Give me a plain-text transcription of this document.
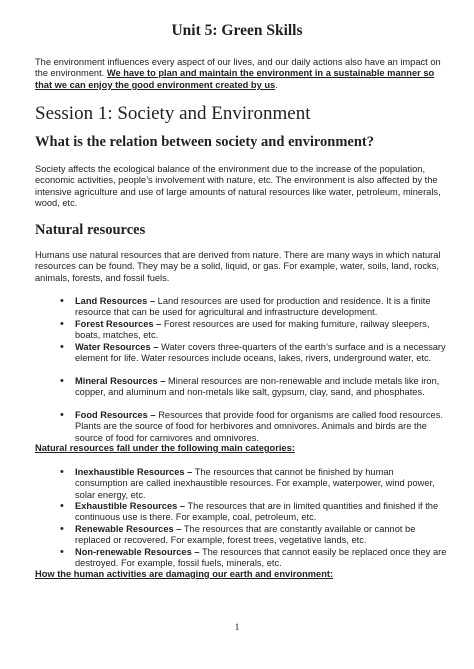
Unit 5: Green Skills

The environment influences every aspect of our lives, and our daily actions also have an impact on the environment. We have to plan and maintain the environment in a sustainable manner so that we can enjoy the good environment created by us.

Session 1: Society and Environment
What is the relation between society and environment?

Society affects the ecological balance of the environment due to the increase of the population, economic activities, people’s involvement with nature, etc. The environment is also affected by the intensive agriculture and use of large amounts of natural resources like water, petroleum, minerals, wood, etc.

Natural resources

Humans use natural resources that are derived from nature. There are many ways in which natural resources can be found. They may be a solid, liquid, or gas. For example, water, soils, land, rocks, animals, forests, and fossil fuels.

• Land Resources – Land resources are used for production and residence. It is a finite resource that can be used for agricultural and infrastructure development.
• Forest Resources – Forest resources are used for making furniture, railway sleepers, boats, matches, etc.
• Water Resources – Water covers three-quarters of the earth’s surface and is a necessary element for life. Water resources include oceans, lakes, rivers, underground water, etc.
• Mineral Resources – Mineral resources are non-renewable and include metals like iron, copper, and aluminum and non-metals like salt, gypsum, clay, sand, and phosphates.
• Food Resources – Resources that provide food for organisms are called food resources. Plants are the source of food for herbivores and omnivores. Animals and birds are the source of food for carnivores and omnivores.
Natural resources fall under the following main categories:
• Inexhaustible Resources – The resources that cannot be finished by human consumption are called inexhaustible resources. For example, waterpower, wind power, solar energy, etc.
• Exhaustible Resources – The resources that are in limited quantities and finished if the continuous use is there. For example, coal, petroleum, etc.
• Renewable Resources – The resources that are constantly available or cannot be replaced or recovered. For example, forest trees, vegetative lands, etc.
• Non-renewable Resources – The resources that cannot easily be replaced once they are destroyed. For example, fossil fuels, minerals, etc.
How the human activities are damaging our earth and environment:
1
